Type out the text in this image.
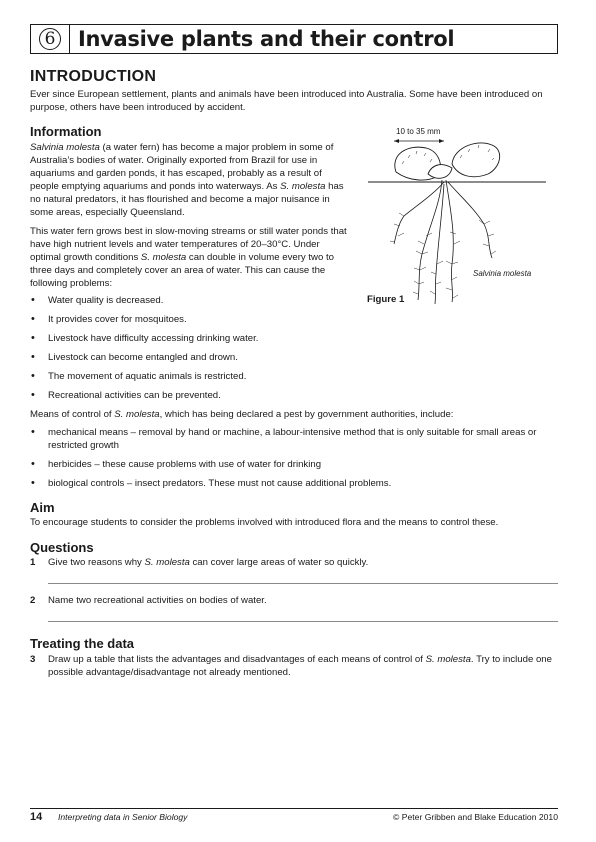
6	Invasive plants and their control
INTRODUCTION

Ever since European settlement, plants and animals have been introduced into Australia. Some have been introduced on purpose, others have been introduced by accident.

Information

Salvinia molesta (a water fern) has become a major problem in some of Australia’s bodies of water. Originally exported from Brazil for use in aquariums and garden ponds, it has escaped, probably as a result of people emptying aquariums and ponds into waterways. As S. molesta has no natural predators, it has flourished and become a major nuisance in some areas, especially Queensland.

This water fern grows best in slow-moving streams or still water ponds that have high nutrient levels and water temperatures of 20–30°C. Under optimal growth conditions S. molesta can double in volume every two to three days and completely cover an area of water. This can cause the following problems:

• Water quality is decreased.
• It provides cover for mosquitoes.
• Livestock have difficulty accessing drinking water.
• Livestock can become entangled and drown.
• The movement of aquatic animals is restricted.
• Recreational activities can be prevented.

Means of control of S. molesta, which has being declared a pest by government authorities, include:

• mechanical means – removal by hand or machine, a labour-intensive method that is only suitable for small areas or restricted growth
• herbicides – these cause problems with use of water for drinking
• biological controls – insect predators. These must not cause additional problems.
10 to 35 mm
Salvinia molesta
Figure 1
Aim

To encourage students to consider the problems involved with introduced flora and the means to control these.

Questions
1	Give two reasons why S. molesta can cover large areas of water so quickly.
2	Name two recreational activities on bodies of water.
Treating the data
3	Draw up a table that lists the advantages and disadvantages of each means of control of S. molesta. Try to include one possible advantage/disadvantage not already mentioned.
14 Interpreting data in Senior Biology	© Peter Gribben and Blake Education 2010
